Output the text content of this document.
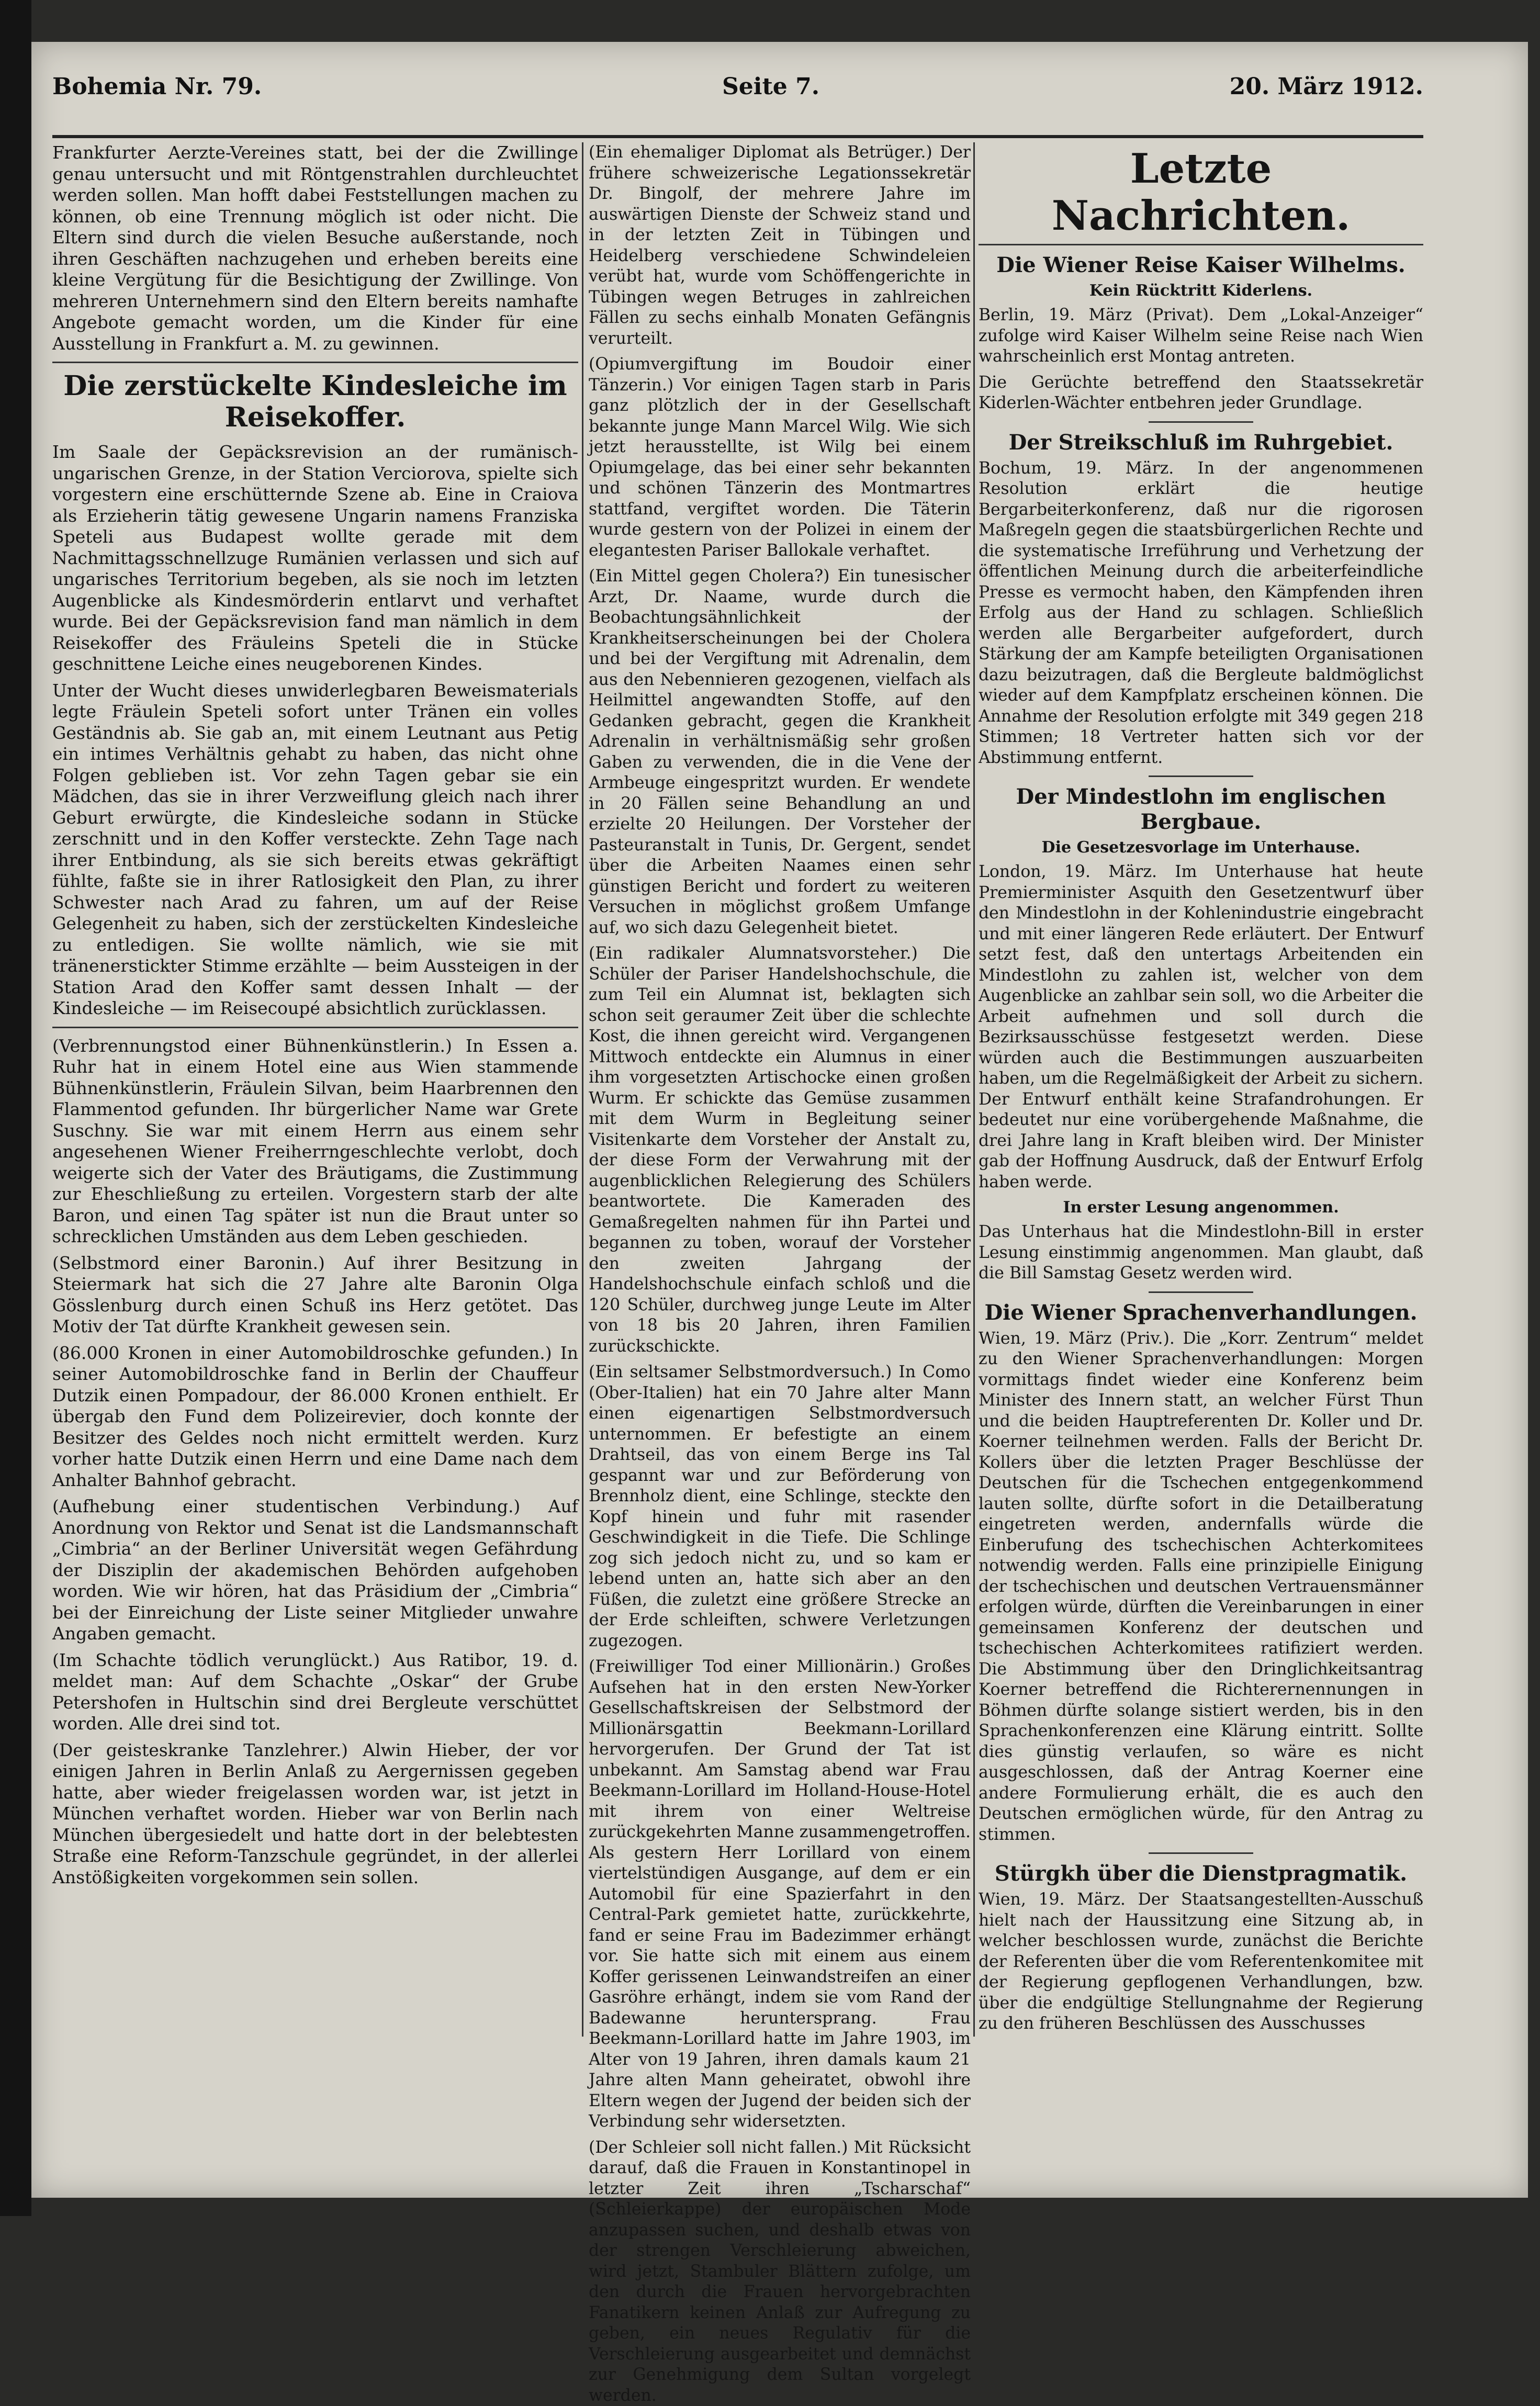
Bohemia Nr. 79.	Seite 7.	20. März 1912.

Frankfurter Aerzte-Vereines statt, bei der die Zwillinge genau untersucht und mit Röntgenstrahlen durchleuchtet werden sollen. Man hofft dabei Feststellungen machen zu können, ob eine Trennung möglich ist oder nicht. Die Eltern sind durch die vielen Besuche außerstande, noch ihren Geschäften nachzugehen und erheben bereits eine kleine Vergütung für die Besichtigung der Zwillinge. Von mehreren Unternehmern sind den Eltern bereits namhafte Angebote gemacht worden, um die Kinder für eine Ausstellung in Frankfurt a. M. zu gewinnen.

Die zerstückelte Kindesleiche im Reisekoffer.

Im Saale der Gepäcksrevision an der rumänisch-ungarischen Grenze, in der Station Verciorova, spielte sich vorgestern eine erschütternde Szene ab. Eine in Craiova als Erzieherin tätig gewesene Ungarin namens Franziska Speteli aus Budapest wollte gerade mit dem Nachmittagsschnellzuge Rumänien verlassen und sich auf ungarisches Territorium begeben, als sie noch im letzten Augenblicke als Kindesmörderin entlarvt und verhaftet wurde. Bei der Gepäcksrevision fand man nämlich in dem Reisekoffer des Fräuleins Speteli die in Stücke geschnittene Leiche eines neugeborenen Kindes.

Unter der Wucht dieses unwiderlegbaren Beweismaterials legte Fräulein Speteli sofort unter Tränen ein volles Geständnis ab. Sie gab an, mit einem Leutnant aus Petig ein intimes Verhältnis gehabt zu haben, das nicht ohne Folgen geblieben ist. Vor zehn Tagen gebar sie ein Mädchen, das sie in ihrer Verzweiflung gleich nach ihrer Geburt erwürgte, die Kindesleiche sodann in Stücke zerschnitt und in den Koffer versteckte. Zehn Tage nach ihrer Entbindung, als sie sich bereits etwas gekräftigt fühlte, faßte sie in ihrer Ratlosigkeit den Plan, zu ihrer Schwester nach Arad zu fahren, um auf der Reise Gelegenheit zu haben, sich der zerstückelten Kindesleiche zu entledigen. Sie wollte nämlich, wie sie mit tränenerstickter Stimme erzählte — beim Aussteigen in der Station Arad den Koffer samt dessen Inhalt — der Kindesleiche — im Reisecoupé absichtlich zurücklassen.

(Verbrennungstod einer Bühnenkünstlerin.) In Essen a. Ruhr hat in einem Hotel eine aus Wien stammende Bühnenkünstlerin, Fräulein Silvan, beim Haarbrennen den Flammentod gefunden. Ihr bürgerlicher Name war Grete Suschny. Sie war mit einem Herrn aus einem sehr angesehenen Wiener Freiherrngeschlechte verlobt, doch weigerte sich der Vater des Bräutigams, die Zustimmung zur Eheschließung zu erteilen. Vorgestern starb der alte Baron, und einen Tag später ist nun die Braut unter so schrecklichen Umständen aus dem Leben geschieden.

(Selbstmord einer Baronin.) Auf ihrer Besitzung in Steiermark hat sich die 27 Jahre alte Baronin Olga Gösslenburg durch einen Schuß ins Herz getötet. Das Motiv der Tat dürfte Krankheit gewesen sein.

(86.000 Kronen in einer Automobildroschke gefunden.) In seiner Automobildroschke fand in Berlin der Chauffeur Dutzik einen Pompadour, der 86.000 Kronen enthielt. Er übergab den Fund dem Polizeirevier, doch konnte der Besitzer des Geldes noch nicht ermittelt werden. Kurz vorher hatte Dutzik einen Herrn und eine Dame nach dem Anhalter Bahnhof gebracht.

(Aufhebung einer studentischen Verbindung.) Auf Anordnung von Rektor und Senat ist die Landsmannschaft „Cimbria“ an der Berliner Universität wegen Gefährdung der Disziplin der akademischen Behörden aufgehoben worden. Wie wir hören, hat das Präsidium der „Cimbria“ bei der Einreichung der Liste seiner Mitglieder unwahre Angaben gemacht.

(Im Schachte tödlich verunglückt.) Aus Ratibor, 19. d. meldet man: Auf dem Schachte „Oskar“ der Grube Petershofen in Hultschin sind drei Bergleute verschüttet worden. Alle drei sind tot.

(Der geisteskranke Tanzlehrer.) Alwin Hieber, der vor einigen Jahren in Berlin Anlaß zu Aergernissen gegeben hatte, aber wieder freigelassen worden war, ist jetzt in München verhaftet worden. Hieber war von Berlin nach München übergesiedelt und hatte dort in der belebtesten Straße eine Reform-Tanzschule gegründet, in der allerlei Anstößigkeiten vorgekommen sein sollen.

(Ein ehemaliger Diplomat als Betrüger.) Der frühere schweizerische Legationssekretär Dr. Bingolf, der mehrere Jahre im auswärtigen Dienste der Schweiz stand und in der letzten Zeit in Tübingen und Heidelberg verschiedene Schwindeleien verübt hat, wurde vom Schöffengerichte in Tübingen wegen Betruges in zahlreichen Fällen zu sechs einhalb Monaten Gefängnis verurteilt.

(Opiumvergiftung im Boudoir einer Tänzerin.) Vor einigen Tagen starb in Paris ganz plötzlich der in der Gesellschaft bekannte junge Mann Marcel Wilg. Wie sich jetzt herausstellte, ist Wilg bei einem Opiumgelage, das bei einer sehr bekannten und schönen Tänzerin des Montmartres stattfand, vergiftet worden. Die Täterin wurde gestern von der Polizei in einem der elegantesten Pariser Ballokale verhaftet.

(Ein Mittel gegen Cholera?) Ein tunesischer Arzt, Dr. Naame, wurde durch die Beobachtungsähnlichkeit der Krankheitserscheinungen bei der Cholera und bei der Vergiftung mit Adrenalin, dem aus den Nebennieren gezogenen, vielfach als Heilmittel angewandten Stoffe, auf den Gedanken gebracht, gegen die Krankheit Adrenalin in verhältnismäßig sehr großen Gaben zu verwenden, die in die Vene der Armbeuge eingespritzt wurden. Er wendete in 20 Fällen seine Behandlung an und erzielte 20 Heilungen. Der Vorsteher der Pasteuranstalt in Tunis, Dr. Gergent, sendet über die Arbeiten Naames einen sehr günstigen Bericht und fordert zu weiteren Versuchen in möglichst großem Umfange auf, wo sich dazu Gelegenheit bietet.

(Ein radikaler Alumnatsvorsteher.) Die Schüler der Pariser Handelshochschule, die zum Teil ein Alumnat ist, beklagten sich schon seit geraumer Zeit über die schlechte Kost, die ihnen gereicht wird. Vergangenen Mittwoch entdeckte ein Alumnus in einer ihm vorgesetzten Artischocke einen großen Wurm. Er schickte das Gemüse zusammen mit dem Wurm in Begleitung seiner Visitenkarte dem Vorsteher der Anstalt zu, der diese Form der Verwahrung mit der augenblicklichen Relegierung des Schülers beantwortete. Die Kameraden des Gemaßregelten nahmen für ihn Partei und begannen zu toben, worauf der Vorsteher den zweiten Jahrgang der Handelshochschule einfach schloß und die 120 Schüler, durchweg junge Leute im Alter von 18 bis 20 Jahren, ihren Familien zurückschickte.

(Ein seltsamer Selbstmordversuch.) In Como (Ober-Italien) hat ein 70 Jahre alter Mann einen eigenartigen Selbstmordversuch unternommen. Er befestigte an einem Drahtseil, das von einem Berge ins Tal gespannt war und zur Beförderung von Brennholz dient, eine Schlinge, steckte den Kopf hinein und fuhr mit rasender Geschwindigkeit in die Tiefe. Die Schlinge zog sich jedoch nicht zu, und so kam er lebend unten an, hatte sich aber an den Füßen, die zuletzt eine größere Strecke an der Erde schleiften, schwere Verletzungen zugezogen.

(Freiwilliger Tod einer Millionärin.) Großes Aufsehen hat in den ersten New-Yorker Gesellschaftskreisen der Selbstmord der Millionärsgattin Beekmann-Lorillard hervorgerufen. Der Grund der Tat ist unbekannt. Am Samstag abend war Frau Beekmann-Lorillard im Holland-House-Hotel mit ihrem von einer Weltreise zurückgekehrten Manne zusammengetroffen. Als gestern Herr Lorillard von einem viertelstündigen Ausgange, auf dem er ein Automobil für eine Spazierfahrt in den Central-Park gemietet hatte, zurückkehrte, fand er seine Frau im Badezimmer erhängt vor. Sie hatte sich mit einem aus einem Koffer gerissenen Leinwandstreifen an einer Gasröhre erhängt, indem sie vom Rand der Badewanne heruntersprang. Frau Beekmann-Lorillard hatte im Jahre 1903, im Alter von 19 Jahren, ihren damals kaum 21 Jahre alten Mann geheiratet, obwohl ihre Eltern wegen der Jugend der beiden sich der Verbindung sehr widersetzten.

(Der Schleier soll nicht fallen.) Mit Rücksicht darauf, daß die Frauen in Konstantinopel in letzter Zeit ihren „Tscharschaf“ (Schleierkappe) der europäischen Mode anzupassen suchen, und deshalb etwas von der strengen Verschleierung abweichen, wird jetzt, Stambuler Blättern zufolge, um den durch die Frauen hervorgebrachten Fanatikern keinen Anlaß zur Aufregung zu geben, ein neues Regulativ für die Verschleierung ausgearbeitet und demnächst zur Genehmigung dem Sultan vorgelegt werden.

Letzte Nachrichten.
Die Wiener Reise Kaiser Wilhelms.
Kein Rücktritt Kiderlens.

Berlin, 19. März (Privat). Dem „Lokal-Anzeiger“ zufolge wird Kaiser Wilhelm seine Reise nach Wien wahrscheinlich erst Montag antreten.

Die Gerüchte betreffend den Staatssekretär Kiderlen-Wächter entbehren jeder Grundlage.

Der Streikschluß im Ruhrgebiet.

Bochum, 19. März. In der angenommenen Resolution erklärt die heutige Bergarbeiterkonferenz, daß nur die rigorosen Maßregeln gegen die staatsbürgerlichen Rechte und die systematische Irreführung und Verhetzung der öffentlichen Meinung durch die arbeiterfeindliche Presse es vermocht haben, den Kämpfenden ihren Erfolg aus der Hand zu schlagen. Schließlich werden alle Bergarbeiter aufgefordert, durch Stärkung der am Kampfe beteiligten Organisationen dazu beizutragen, daß die Bergleute baldmöglichst wieder auf dem Kampfplatz erscheinen können. Die Annahme der Resolution erfolgte mit 349 gegen 218 Stimmen; 18 Vertreter hatten sich vor der Abstimmung entfernt.

Der Mindestlohn im englischen Bergbaue.
Die Gesetzesvorlage im Unterhause.

London, 19. März. Im Unterhause hat heute Premierminister Asquith den Gesetzentwurf über den Mindestlohn in der Kohlenindustrie eingebracht und mit einer längeren Rede erläutert. Der Entwurf setzt fest, daß den untertags Arbeitenden ein Mindestlohn zu zahlen ist, welcher von dem Augenblicke an zahlbar sein soll, wo die Arbeiter die Arbeit aufnehmen und soll durch die Bezirksausschüsse festgesetzt werden. Diese würden auch die Bestimmungen auszuarbeiten haben, um die Regelmäßigkeit der Arbeit zu sichern. Der Entwurf enthält keine Strafandrohungen. Er bedeutet nur eine vorübergehende Maßnahme, die drei Jahre lang in Kraft bleiben wird. Der Minister gab der Hoffnung Ausdruck, daß der Entwurf Erfolg haben werde.

In erster Lesung angenommen.

Das Unterhaus hat die Mindestlohn-Bill in erster Lesung einstimmig angenommen. Man glaubt, daß die Bill Samstag Gesetz werden wird.

Die Wiener Sprachenverhandlungen.

Wien, 19. März (Priv.). Die „Korr. Zentrum“ meldet zu den Wiener Sprachenverhandlungen: Morgen vormittags findet wieder eine Konferenz beim Minister des Innern statt, an welcher Fürst Thun und die beiden Hauptreferenten Dr. Koller und Dr. Koerner teilnehmen werden. Falls der Bericht Dr. Kollers über die letzten Prager Beschlüsse der Deutschen für die Tschechen entgegenkommend lauten sollte, dürfte sofort in die Detailberatung eingetreten werden, andernfalls würde die Einberufung des tschechischen Achterkomitees notwendig werden. Falls eine prinzipielle Einigung der tschechischen und deutschen Vertrauensmänner erfolgen würde, dürften die Vereinbarungen in einer gemeinsamen Konferenz der deutschen und tschechischen Achterkomitees ratifiziert werden. Die Abstimmung über den Dringlichkeitsantrag Koerner betreffend die Richterernennungen in Böhmen dürfte solange sistiert werden, bis in den Sprachenkonferenzen eine Klärung eintritt. Sollte dies günstig verlaufen, so wäre es nicht ausgeschlossen, daß der Antrag Koerner eine andere Formulierung erhält, die es auch den Deutschen ermöglichen würde, für den Antrag zu stimmen.

Stürgkh über die Dienstpragmatik.

Wien, 19. März. Der Staatsangestellten-Ausschuß hielt nach der Haussitzung eine Sitzung ab, in welcher beschlossen wurde, zunächst die Berichte der Referenten über die vom Referentenkomitee mit der Regierung gepflogenen Verhandlungen, bzw. über die endgültige Stellungnahme der Regierung zu den früheren Beschlüssen des Ausschusses
